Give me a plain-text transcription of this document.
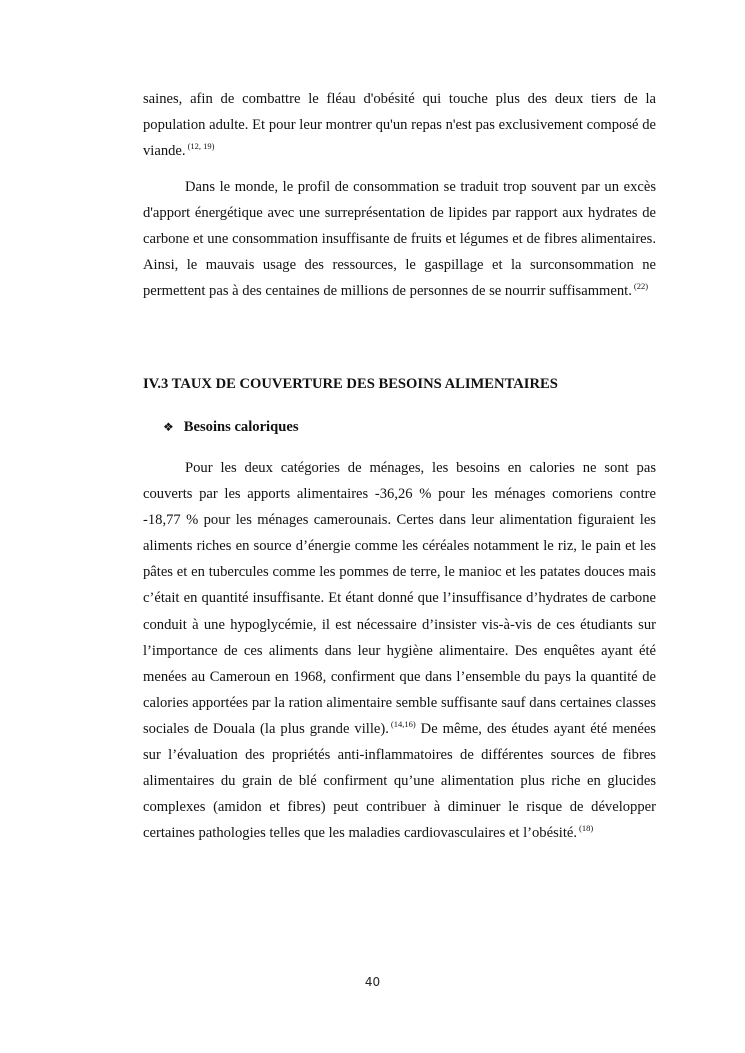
saines, afin de combattre le fléau d'obésité qui touche plus des deux tiers de la population adulte. Et pour leur montrer qu'un repas n'est pas exclusivement composé de viande. $^{(12, 19)}$

Dans le monde, le profil de consommation se traduit trop souvent par un excès d'apport énergétique avec une surreprésentation de lipides par rapport aux hydrates de carbone et une consommation insuffisante de fruits et légumes et de fibres alimentaires. Ainsi, le mauvais usage des ressources, le gaspillage et la surconsommation ne permettent pas à des centaines de millions de personnes de se nourrir suffisamment. $^{(22)}$

IV.3 TAUX DE COUVERTURE DES BESOINS ALIMENTAIRES
❖ Besoins caloriques

Pour les deux catégories de ménages, les besoins en calories ne sont pas couverts par les apports alimentaires -36,26 % pour les ménages comoriens contre -18,77 % pour les ménages camerounais. Certes dans leur alimentation figuraient les aliments riches en source d’énergie comme les céréales notamment le riz, le pain et les pâtes et en tubercules comme les pommes de terre, le manioc et les patates douces mais c’était en quantité insuffisante. Et étant donné que l’insuffisance d’hydrates de carbone conduit à une hypoglycémie, il est nécessaire d’insister vis-à-vis de ces étudiants sur l’importance de ces aliments dans leur hygiène alimentaire. Des enquêtes ayant été menées au Cameroun en 1968, confirment que dans l’ensemble du pays la quantité de calories apportées par la ration alimentaire semble suffisante sauf dans certaines classes sociales de Douala (la plus grande ville). $^{(14,16)}$ De même, des études ayant été menées sur l’évaluation des propriétés anti-inflammatoires de différentes sources de fibres alimentaires du grain de blé confirment qu’une alimentation plus riche en glucides complexes (amidon et fibres) peut contribuer à diminuer le risque de développer certaines pathologies telles que les maladies cardiovasculaires et l’obésité. $^{(18)}$

40
